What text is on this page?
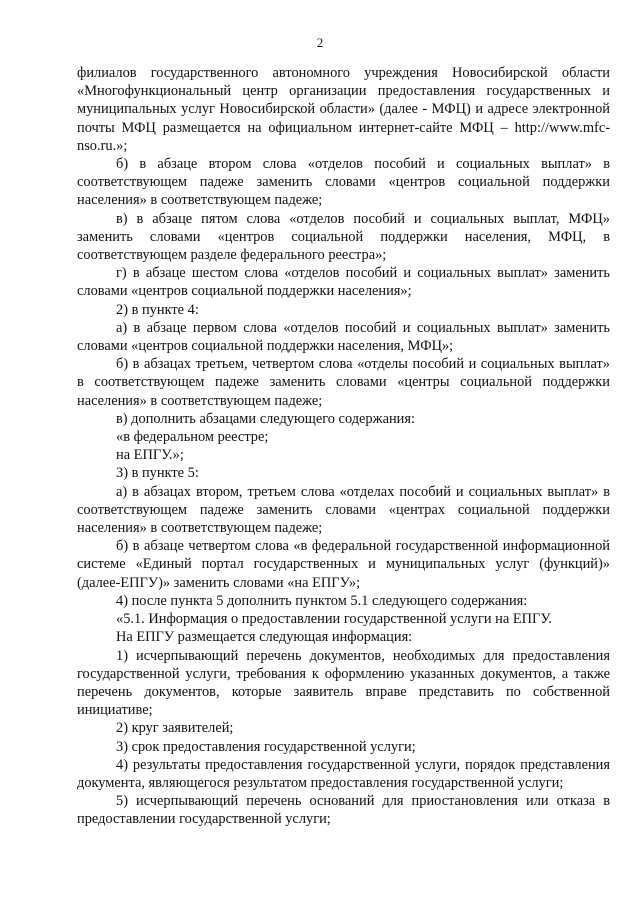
2

филиалов государственного автономного учреждения Новосибирской области «Многофункциональный центр организации предоставления государственных и муниципальных услуг Новосибирской области» (далее - МФЦ) и адресе электронной почты МФЦ размещается на официальном интернет-сайте МФЦ – http://www.mfc-nso.ru.»;

б) в абзаце втором слова «отделов пособий и социальных выплат» в соответствующем падеже заменить словами «центров социальной поддержки населения» в соответствующем падеже;

в) в абзаце пятом слова «отделов пособий и социальных выплат, МФЦ» заменить словами «центров социальной поддержки населения, МФЦ, в соответствующем разделе федерального реестра»;

г) в абзаце шестом слова «отделов пособий и социальных выплат» заменить словами «центров социальной поддержки населения»;

2) в пункте 4:

а) в абзаце первом слова «отделов пособий и социальных выплат» заменить словами «центров социальной поддержки населения, МФЦ»;

б) в абзацах третьем, четвертом слова «отделы пособий и социальных выплат» в соответствующем падеже заменить словами «центры социальной поддержки населения» в соответствующем падеже;

в) дополнить абзацами следующего содержания:

«в федеральном реестре;

на ЕПГУ.»;

3) в пункте 5:

а) в абзацах втором, третьем слова «отделах пособий и социальных выплат» в соответствующем падеже заменить словами «центрах социальной поддержки населения» в соответствующем падеже;

б) в абзаце четвертом слова «в федеральной государственной информационной системе «Единый портал государственных и муниципальных услуг (функций)» (далее-ЕПГУ)» заменить словами «на ЕПГУ»;

4) после пункта 5 дополнить пунктом 5.1 следующего содержания:

«5.1. Информация о предоставлении государственной услуги на ЕПГУ.

На ЕПГУ размещается следующая информация:

1) исчерпывающий перечень документов, необходимых для предоставления государственной услуги, требования к оформлению указанных документов, а также перечень документов, которые заявитель вправе представить по собственной инициативе;

2) круг заявителей;

3) срок предоставления государственной услуги;

4) результаты предоставления государственной услуги, порядок представления документа, являющегося результатом предоставления государственной услуги;

5) исчерпывающий перечень оснований для приостановления или отказа в предоставлении государственной услуги;
